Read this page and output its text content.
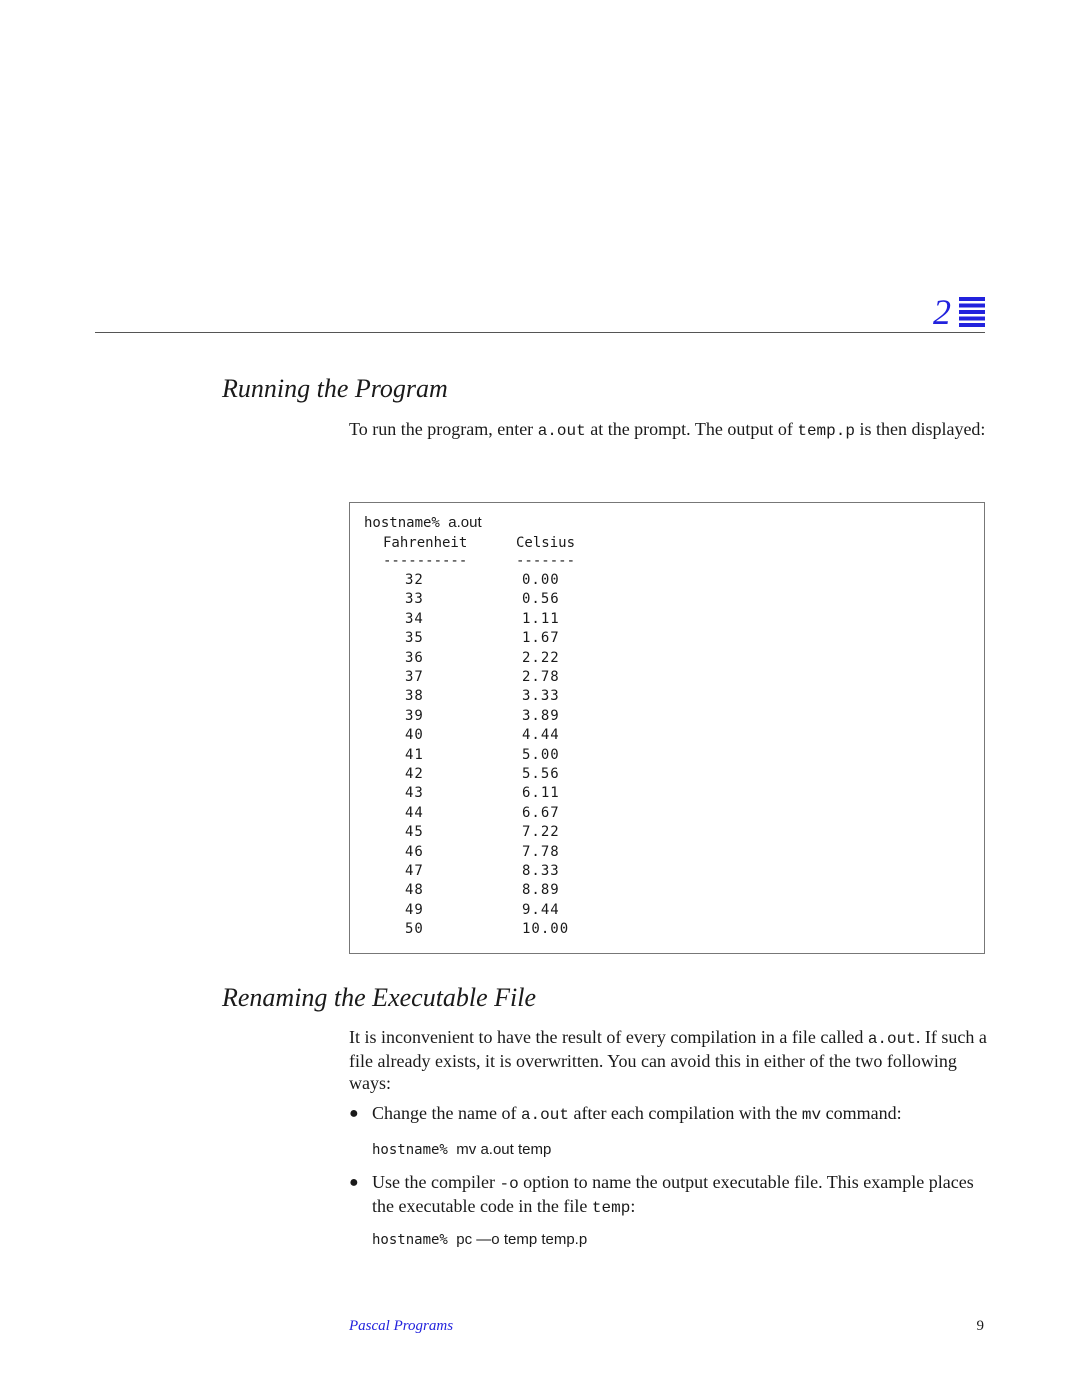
2
Running the Program

To run the program, enter a.out at the prompt. The output of temp.p is then displayed:

hostname% a.out
Fahrenheit	Celsius
----------	-------
32	0.00
33	0.56
34	1.11
35	1.67
36	2.22
37	2.78
38	3.33
39	3.89
40	4.44
41	5.00
42	5.56
43	6.11
44	6.67
45	7.22
46	7.78
47	8.33
48	8.89
49	9.44
50	10.00
Renaming the Executable File

It is inconvenient to have the result of every compilation in a file called a.out. If such a file already exists, it is overwritten. You can avoid this in either of the two following ways:

● Change the name of a.out after each compilation with the mv command:
hostname% mv a.out temp
● Use the compiler -o option to name the output executable file. This example places the executable code in the file temp:
hostname% pc —o temp temp.p
Pascal Programs	9
